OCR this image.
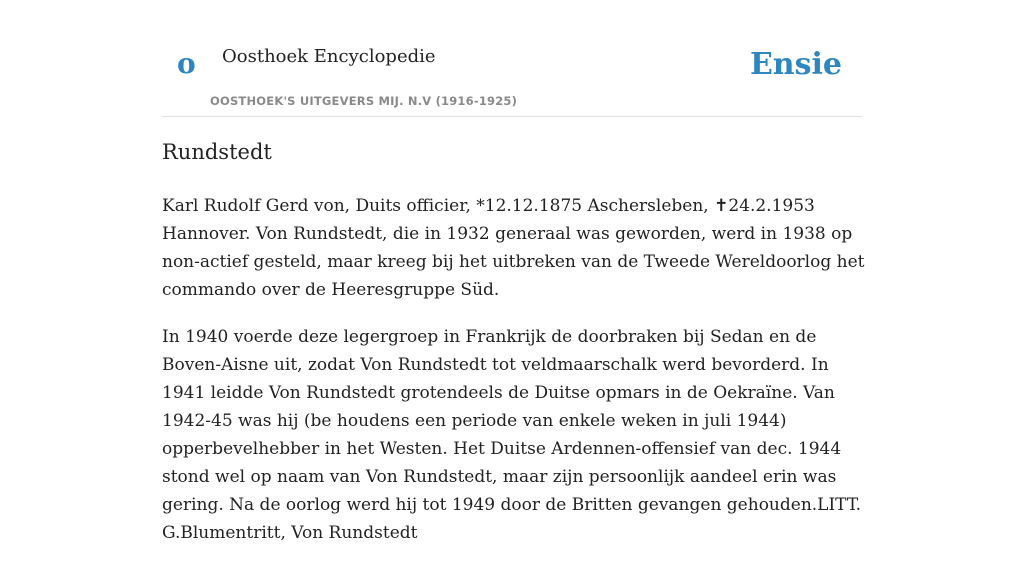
o Oosthoek Encyclopedie
OOSTHOEK'S UITGEVERS MIJ. N.V (1916-1925)
Ensie
Rundstedt

Karl Rudolf Gerd von, Duits officier, *12.12.1875 Aschersleben, ✝24.2.1953 Hannover. Von Rundstedt, die in 1932 generaal was geworden, werd in 1938 op non-actief gesteld, maar kreeg bij het uitbreken van de Tweede Wereldoorlog het commando over de Heeresgruppe Süd.

In 1940 voerde deze legergroep in Frankrijk de doorbraken bij Sedan en de Boven-Aisne uit, zodat Von Rundstedt tot veldmaarschalk werd bevorderd. In 1941 leidde Von Rundstedt grotendeels de Duitse opmars in de Oekraïne. Van 1942-45 was hij (be houdens een periode van enkele weken in juli 1944) opperbevelhebber in het Westen. Het Duitse Ardennen-offensief van dec. 1944 stond wel op naam van Von Rundstedt, maar zijn persoonlijk aandeel erin was gering. Na de oorlog werd hij tot 1949 door de Britten gevangen gehouden.LITT. G.Blumentritt, Von Rundstedt
